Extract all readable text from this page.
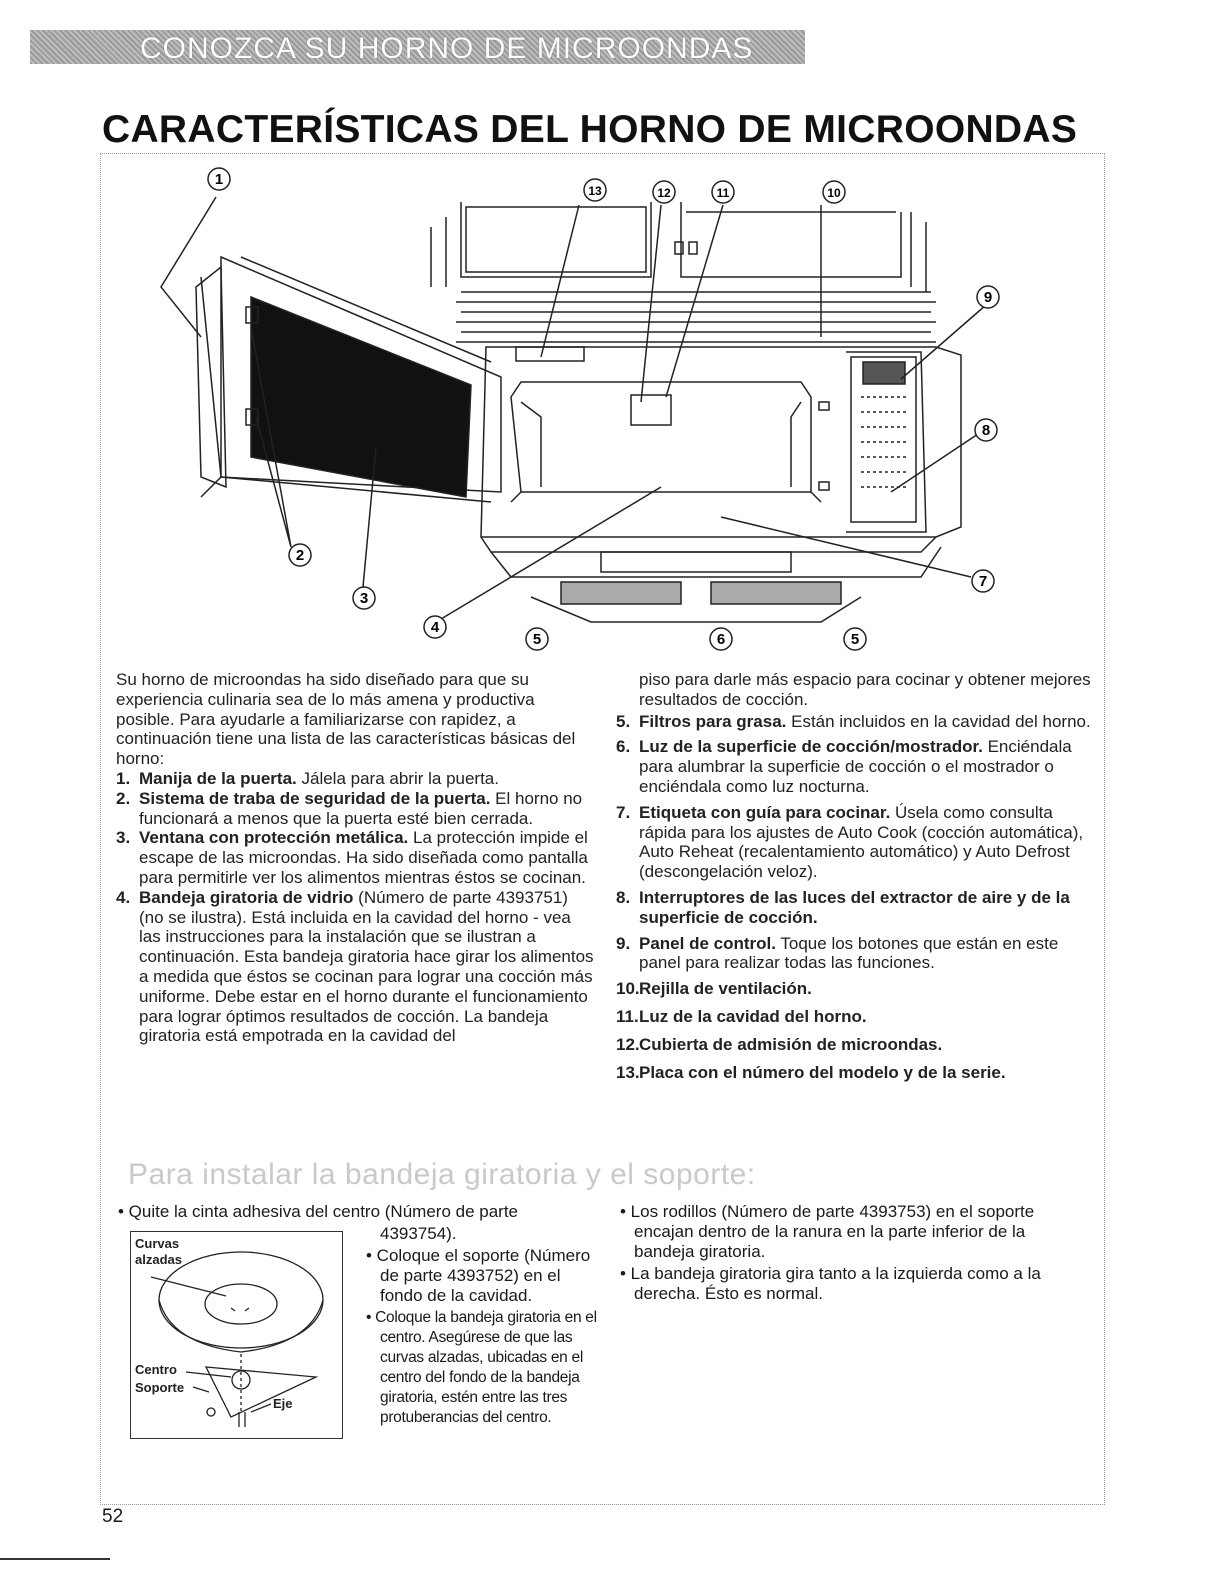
CONOZCA SU HORNO DE MICROONDAS
CARACTERÍSTICAS DEL HORNO DE MICROONDAS
1
2
3
4
5	6	5
7
8
9
10
11
12
13

Su horno de microondas ha sido diseñado para que su experiencia culinaria sea de lo más amena y productiva posible. Para ayudarle a familiarizarse con rapidez, a continuación tiene una lista de las características básicas del horno:

1. Manija de la puerta. Jálela para abrir la puerta.

2. Sistema de traba de seguridad de la puerta. El horno no funcionará a menos que la puerta esté bien cerrada.

3. Ventana con protección metálica. La protección impide el escape de las microondas. Ha sido diseñada como pantalla para permitirle ver los alimentos mientras éstos se cocinan.

4. Bandeja giratoria de vidrio (Número de parte 4393751) (no se ilustra). Está incluida en la cavidad del horno - vea las instrucciones para la instalación que se ilustran a continuación. Esta bandeja giratoria hace girar los alimentos a medida que éstos se cocinan para lograr una cocción más uniforme. Debe estar en el horno durante el funcionamiento para lograr óptimos resultados de cocción. La bandeja giratoria está empotrada en la cavidad del

piso para darle más espacio para cocinar y obtener mejores resultados de cocción.

5. Filtros para grasa. Están incluidos en la cavidad del horno.

6. Luz de la superficie de cocción/mostrador. Enciéndala para alumbrar la superficie de cocción o el mostrador o enciéndala como luz nocturna.

7. Etiqueta con guía para cocinar. Úsela como consulta rápida para los ajustes de Auto Cook (cocción automática), Auto Reheat (recalentamiento automático) y Auto Defrost (descongelación veloz).

8. Interruptores de las luces del extractor de aire y de la superficie de cocción.

9. Panel de control. Toque los botones que están en este panel para realizar todas las funciones.

10.Rejilla de ventilación.

11.Luz de la cavidad del horno.

12.Cubierta de admisión de microondas.

13.Placa con el número del modelo y de la serie.

Para instalar la bandeja giratoria y el soporte:
• Quite la cinta adhesiva del centro (Número de parte
Curvas
alzadas
Centro
Soporte
Eje

4393754).

• Coloque el soporte (Número de parte 4393752) en el fondo de la cavidad.

• Coloque la bandeja giratoria en el centro. Asegúrese de que las curvas alzadas, ubicadas en el centro del fondo de la bandeja giratoria, estén entre las tres protuberancias del centro.

• Los rodillos (Número de parte 4393753) en el soporte encajan dentro de la ranura en la parte inferior de la bandeja giratoria.

• La bandeja giratoria gira tanto a la izquierda como a la derecha. Ésto es normal.

52
